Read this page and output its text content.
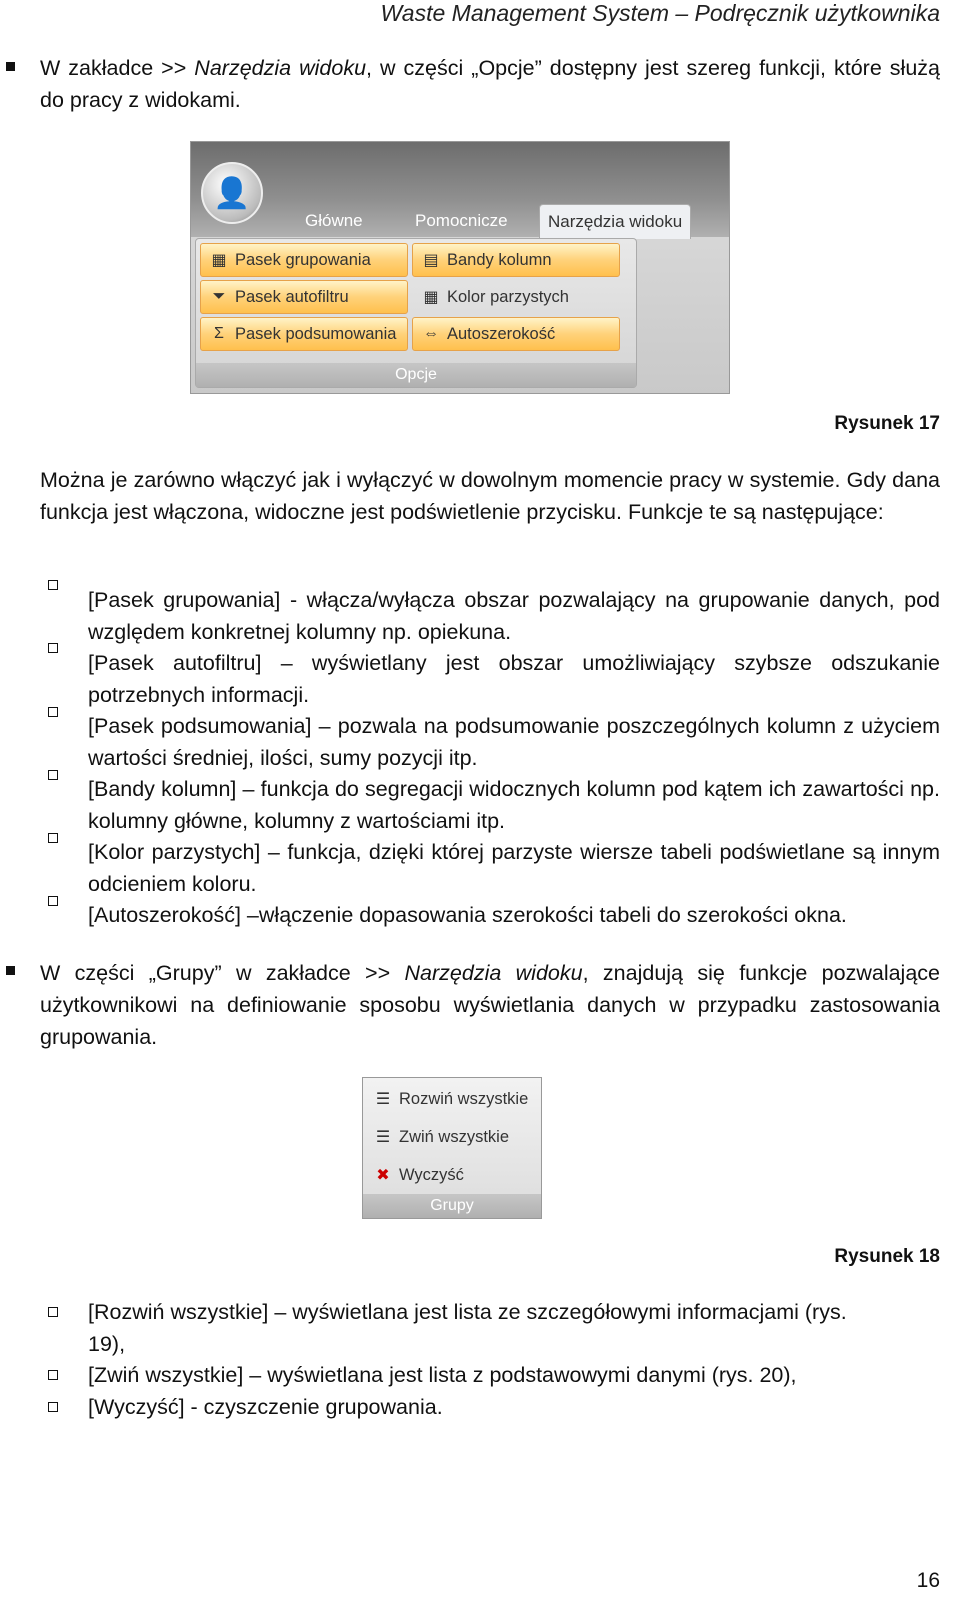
Waste Management System – Podręcznik użytkownika
W zakładce >> Narzędzia widoku, w części „Opcje” dostępny jest szereg funkcji, które służą do pracy z widokami.
👤
Główne	Pomocnicze	Narzędzia widoku
▦ Pasek grupowania	▤ Bandy kolumn
⏷ Pasek autofiltru	▦ Kolor parzystych
Σ Pasek podsumowania ⇔ Autoszerokość
Opcje
Rysunek 17
Można je zarówno włączyć jak i wyłączyć w dowolnym momencie pracy w systemie. Gdy dana funkcja jest włączona, widoczne jest podświetlenie przycisku. Funkcje te są następujące:
[Pasek grupowania] - włącza/wyłącza obszar pozwalający na grupowanie danych, pod względem konkretnej kolumny np. opiekuna.
[Pasek autofiltru] – wyświetlany jest obszar umożliwiający szybsze odszukanie potrzebnych informacji.
[Pasek podsumowania] – pozwala na podsumowanie poszczególnych kolumn z użyciem wartości średniej, ilości, sumy pozycji itp.
[Bandy kolumn] – funkcja do segregacji widocznych kolumn pod kątem ich zawartości np. kolumny główne, kolumny z wartościami itp.
[Kolor parzystych] – funkcja, dzięki której parzyste wiersze tabeli podświetlane są innym odcieniem koloru.
[Autoszerokość] –włączenie dopasowania szerokości tabeli do szerokości okna.
W części „Grupy” w zakładce >> Narzędzia widoku, znajdują się funkcje pozwalające użytkownikowi na definiowanie sposobu wyświetlania danych w przypadku zastosowania grupowania.
☰ Rozwiń wszystkie
☰ Zwiń wszystkie
✖ Wyczyść
Grupy
Rysunek 18
[Rozwiń wszystkie] – wyświetlana jest lista ze szczegółowymi informacjami (rys. 19),
[Zwiń wszystkie] – wyświetlana jest lista z podstawowymi danymi (rys. 20),
[Wyczyść] - czyszczenie grupowania.
16
